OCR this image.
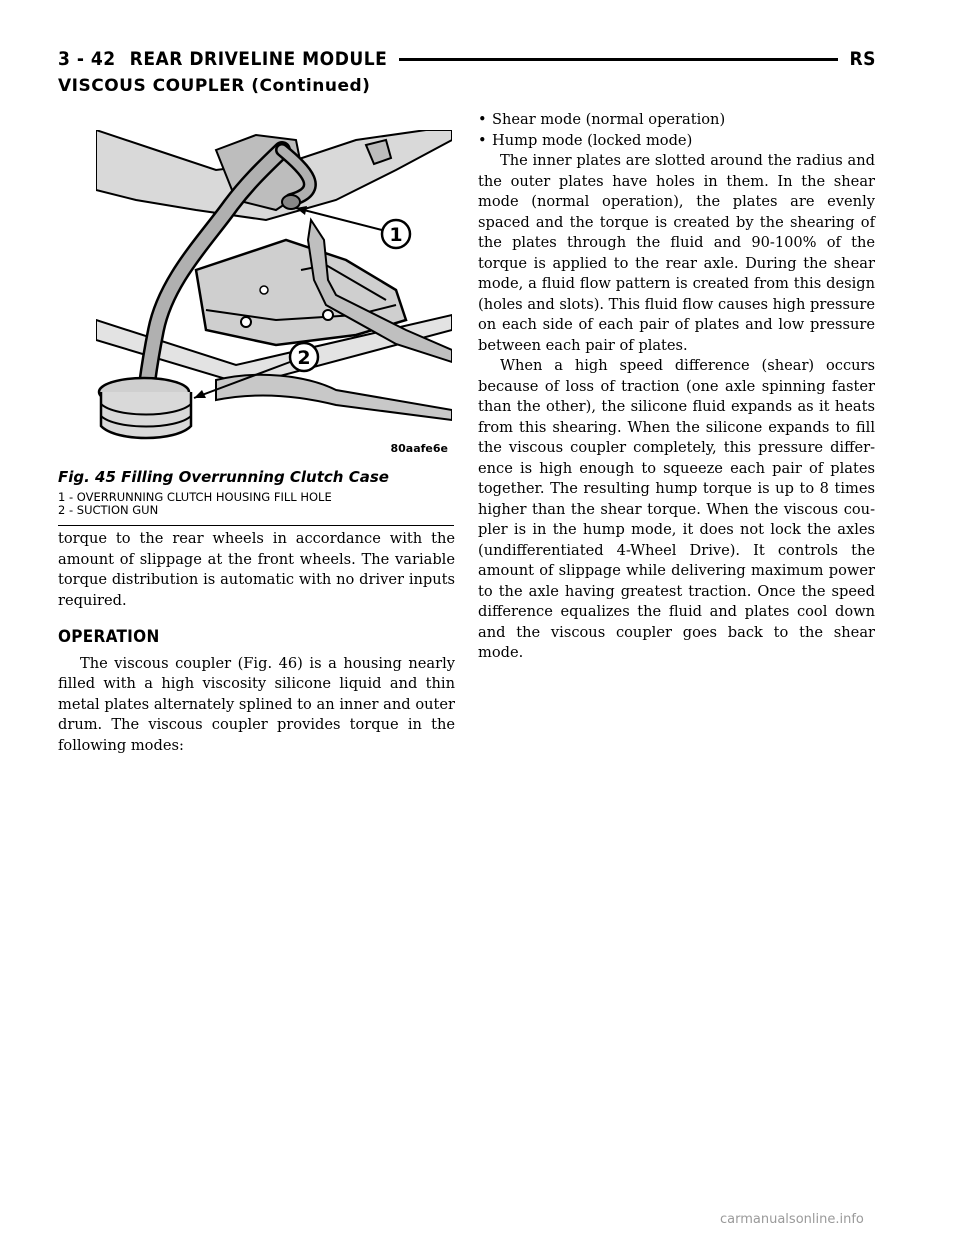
3 - 42 REAR DRIVELINE MODULE	RS
VISCOUS COUPLER (Continued)
1
2
80aafe6e
Fig. 45 Filling Overrunning Clutch Case
1 - OVERRUNNING CLUTCH HOUSING FILL HOLE
2 - SUCTION GUN

torque to the rear wheels in accordance with the amount of slippage at the front wheels. The variable torque distribution is automatic with no driver inputs required.

OPERATION

The viscous coupler (Fig. 46) is a housing nearly filled with a high viscosity silicone liquid and thin metal plates alternately splined to an inner and outer drum. The viscous coupler provides torque in the following modes:

• Shear mode (normal operation)
• Hump mode (locked mode)

The inner plates are slotted around the radius and the outer plates have holes in them. In the shear mode (normal operation), the plates are evenly spaced and the torque is created by the shearing of the plates through the fluid and 90-100% of the torque is applied to the rear axle. During the shear mode, a fluid flow pattern is created from this design (holes and slots). This fluid flow causes high pressure on each side of each pair of plates and low pressure between each pair of plates.

When a high speed difference (shear) occurs because of loss of traction (one axle spinning faster than the other), the silicone fluid expands as it heats from this shearing. When the silicone expands to fill the viscous coupler completely, this pressure differ-ence is high enough to squeeze each pair of plates together. The resulting hump torque is up to 8 times higher than the shear torque. When the viscous cou-pler is in the hump mode, it does not lock the axles (undifferentiated 4-Wheel Drive). It controls the amount of slippage while delivering maximum power to the axle having greatest traction. Once the speed difference equalizes the fluid and plates cool down and the viscous coupler goes back to the shear mode.

carmanualsonline.info
